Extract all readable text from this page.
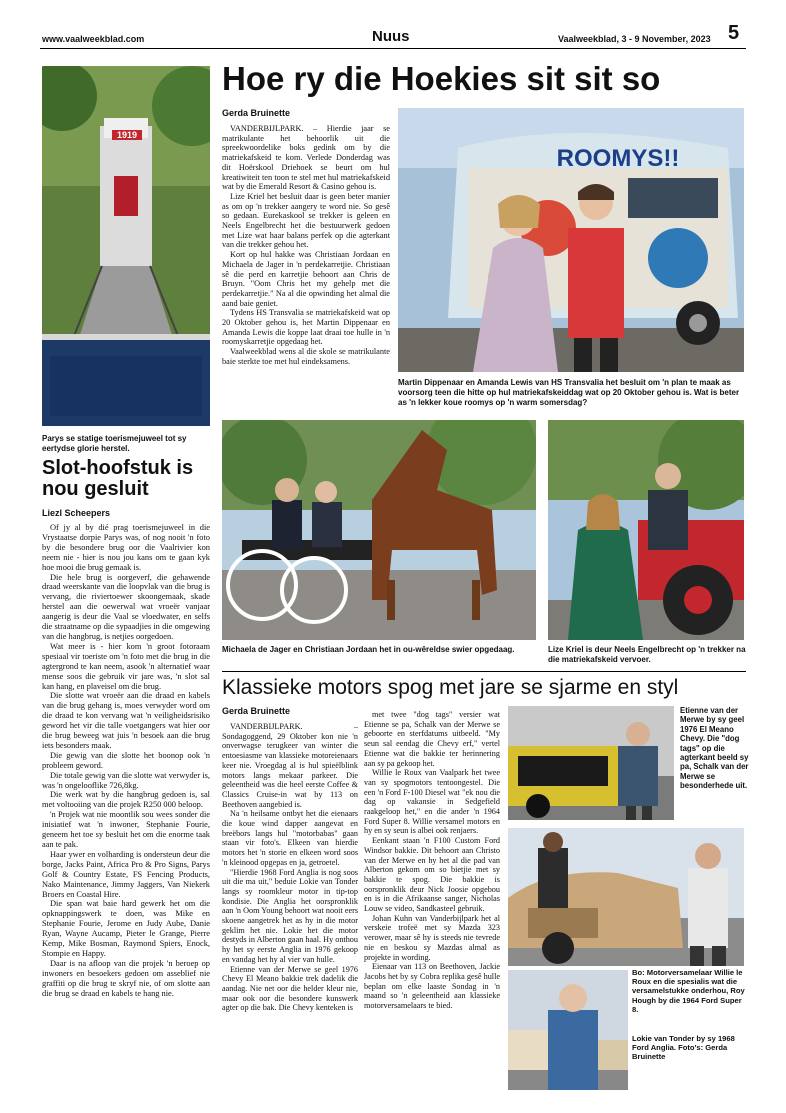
www.vaalweekblad.com	Nuus	Vaalweekblad, 3 - 9 November, 2023 5
1919
Parys se statige toerismejuweel tot sy eertydse glorie herstel.
Slot-hoofstuk is nou gesluit
Liezl Scheepers

Of jy al by dié prag toerismejuweel in die Vrystaatse dorpie Parys was, of nog nooit 'n foto by die besondere brug oor die Vaalrivier kon neem nie - hier is nou jou kans om te gaan kyk hoe mooi die brug gemaak is.

Die hele brug is oorgeverf, die gehawende draad weerskante van die loopvlak van die brug is vervang, die riviertoewer skoongemaak, skade herstel aan die oewerwal wat vroeër vanjaar aangerig is deur die Vaal se vloedwater, en selfs die straatname op die sypaadjies in die omgewing van die hangbrug, is netjies oorgedoen.

Wat meer is - hier kom 'n groot fotoraam spesiaal vir toeriste om 'n foto met die brug in die agtergrond te kan neem, asook 'n alternatief waar mense soos die gebruik vir jare was, 'n slot sal kan hang, en plaveisel om die brug.

Die slotte wat vroeër aan die draad en kabels van die brug gehang is, moes verwyder word om die draad te kon vervang wat 'n veiligheidsrisiko geword het vir die talle voetgangers wat hier oor die brug beweeg wat juis 'n besoek aan die brug iets besonders maak.

Die gewig van die slotte het boonop ook 'n probleem geword.

Die totale gewig van die slotte wat verwyder is, was 'n ongelooflike 726,8kg.

Die werk wat by die hangbrug gedoen is, sal met voltooiing van die projek R250 000 beloop.

'n Projek wat nie moontlik sou wees sonder die inisiatief wat 'n inwoner, Stephanie Fourie, geneem het toe sy besluit het om die enorme taak aan te pak.

Haar ywer en volharding is ondersteun deur die borge, Jacks Paint, Africa Pro & Pro Signs, Parys Golf & Country Estate, FS Fencing Products, Nako Maintenance, Jimmy Jaggers, Van Niekerk Broers en Coastal Hire.

Die span wat baie hard gewerk het om die opknappingswerk te doen, was Mike en Stephanie Fourie, Jerome en Judy Aube, Danie Ryan, Wayne Aucamp, Pieter le Grange, Pierre Kemp, Mike Bosman, Raymond Spiers, Enock, Stompie en Happy.

Daar is na afloop van die projek 'n beroep op inwoners en besoekers gedoen om asseblief nie graffiti op die brug te skryf nie, of om slotte aan die brug se draad en kabels te hang nie.

Hoe ry die Hoekies sit sit so
Gerda Bruinette

VANDERBIJLPARK. – Hierdie jaar se matrikulante het behoorlik uit die spreekwoordelike boks gedink om by die matriekafskeid te kom. Verlede Donderdag was dit Hoërskool Driehoek se beurt om hul kreatiwiteit ten toon te stel met hul matriekafskeid wat by die Emerald Resort & Casino gehou is.

Lize Kriel het besluit daar is geen beter manier as om op 'n trekker aangery te word nie. So gesê so gedaan. Eurekaskool se trekker is geleen en Neels Engelbrecht het die bestuurwerk gedoen met Lize wat haar balans perfek op die agterkant van die trekker gehou het.

Kort op hul hakke was Christiaan Jordaan en Michaela de Jager in 'n perdekarretjie. Christiaan sê die perd en karretjie behoort aan Chris de Bruyn. "Oom Chris het my gehelp met die perdekarretjie." Na al die opwinding het almal die aand baie geniet.

Tydens HS Transvalia se matriekafskeid wat op 20 Oktober gehou is, het Martin Dippenaar en Amanda Lewis die koppe laat draai toe hulle in 'n roomyskarretjie opgedaag het.

Vaalweekblad wens al die skole se matrikulante baie sterkte toe met hul eindeksamens.

ROOMYS!!
Martin Dippenaar en Amanda Lewis van HS Transvalia het besluit om 'n plan te maak as voorsorg teen die hitte op hul matriekafskeiddag wat op 20 Oktober gehou is. Wat is beter as 'n lekker koue roomys op 'n warm somersdag?
Michaela de Jager en Christiaan Jordaan het in ou-wêreldse swier opgedaag.	Lize Kriel is deur Neels Engelbrecht op 'n trekker na die matriekafskeid vervoer.
Klassieke motors spog met jare se sjarme en styl
Gerda Bruinette

VANDERBIJLPARK. – Sondagoggend, 29 Oktober kon nie 'n onverwagse terugkeer van winter die entoesiasme van klassieke motoreienaars keer nie. Vroegdag al is hul spieëlblink motors langs mekaar parkeer. Die geleentheid was die heel eerste Coffee & Classics Cruise-in wat by 113 on Beethoven aangebied is.

Na 'n heilsame ontbyt het die eienaars die koue wind dapper aangevat en breëbors langs hul "motorbabas" gaan staan vir foto's. Elkeen van hierdie motors het 'n storie en elkeen word soos 'n kleinood opgepas en ja, getroetel.

"Hierdie 1968 Ford Anglia is nog soos uit die ma uit," beduie Lokie van Tonder langs sy roomkleur motor in tip-top kondisie. Die Anglia het oorspronklik aan 'n Oom Young behoort wat nooit eers skoene aangetrek het as hy in die motor geklim het nie. Lokie het die motor destyds in Alberton gaan haal. Hy onthou hy het sy eerste Anglia in 1976 gekoop en vandag het hy al vier van hulle.

Etienne van der Merwe se geel 1976 Chevy El Meano bakkie trek dadelik die aandag. Nie net oor die helder kleur nie, maar ook oor die besondere kunswerk agter op die bak. Die Chevy kenteken is

met twee "dog tags" versier wat Etienne se pa, Schalk van der Merwe se geboorte en sterfdatums uitbeeld. "My seun sal eendag die Chevy erf," vertel Etienne wat die bakkie ter herinnering aan sy pa gekoop het.

Willie le Roux van Vaalpark het twee van sy spogmotors tentoongestel. Die een 'n Ford F-100 Diesel wat "ek nou die dag op vakansie in Sedgefield raakgeloop het," en die ander 'n 1964 Ford Super 8. Willie versamel motors en hy en sy seun is albei ook renjaers.

Eenkant staan 'n F100 Custom Ford Windsor bakkie. Dit behoort aan Christo van der Merwe en hy het al die pad van Alberton gekom om so bietjie met sy bakkie te spog. Die bakkie is oorspronklik deur Nick Joosie opgebou en is in die Afrikaanse sanger, Nicholas Louw se video, Sandkasteel gebruik.

Johan Kuhn van Vanderbijlpark het al verskeie trofeë met sy Mazda 323 verower, maar sê hy is steeds nie tevrede nie en beskou sy Mazdas almal as projekte in wording.

Eienaar van 113 on Beethoven, Jackie Jacobs het by sy Cobra replika gesê hulle beplan om elke laaste Sondag in 'n maand so 'n geleentheid aan klassieke motorversamelaars te bied.

Etienne van der Merwe by sy geel 1976 El Meano Chevy. Die "dog tags" op die agterkant beeld sy pa, Schalk van der Merwe se besonderhede uit.
Bo: Motorversamelaar Willie le Roux en die spesialis wat die versamelstukke onderhou, Roy Hough by die 1964 Ford Super 8.
Lokie van Tonder by sy 1968 Ford Anglia. Foto's: Gerda Bruinette
